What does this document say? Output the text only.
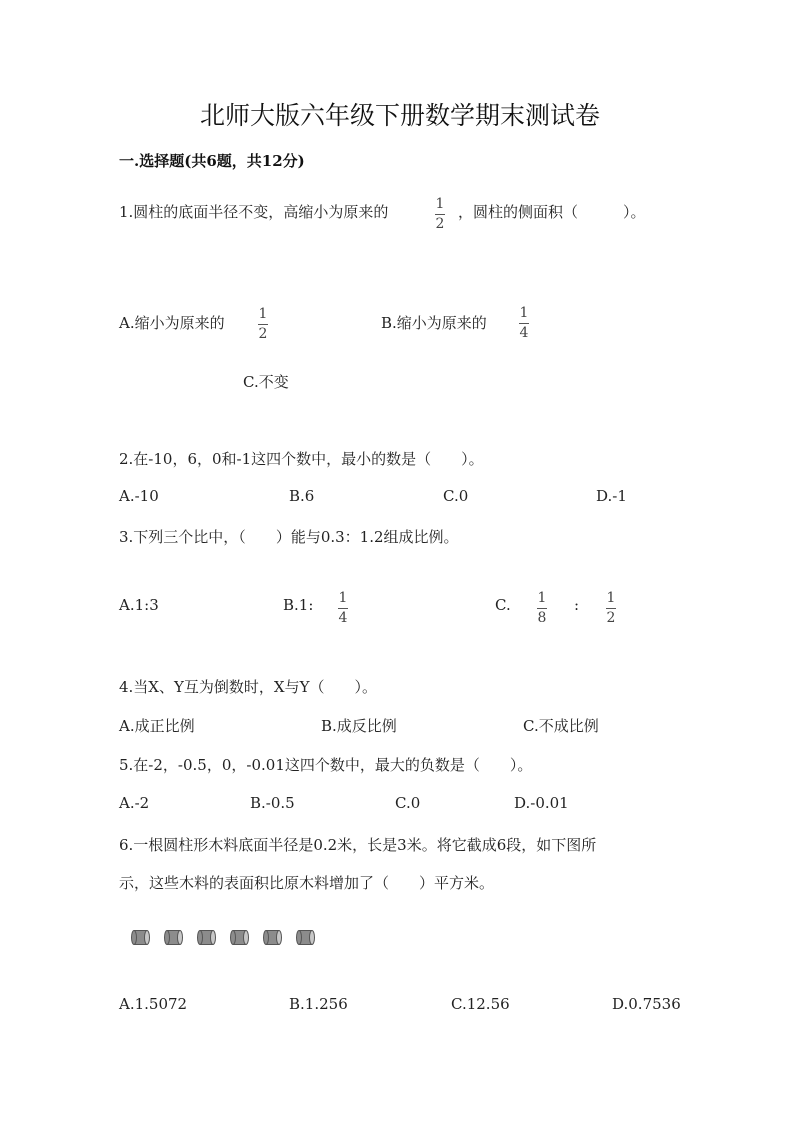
北师大版六年级下册数学期末测试卷
一.选择题(共6题，共12分)
1.圆柱的底面半径不变，高缩小为原来的	1
2
，圆柱的侧面积（　　　）。
A.缩小为原来的 1
2
B.缩小为原来的
1
4
C.不变
2.在-10，6，0和-1这四个数中，最小的数是（　　）。
A.-10	B.6	C.0	D.-1
3.下列三个比中，（　　）能与0.3：1.2组成比例。
A.1:3	B.1: 1
4
C. 1
8
: 1
2
4.当X、Y互为倒数时，X与Y（　　）。
A.成正比例	B.成反比例	C.不成比例
5.在-2，-0.5，0，-0.01这四个数中，最大的负数是（　　）。
A.-2	B.-0.5	C.0	D.-0.01
6.一根圆柱形木料底面半径是0.2米，长是3米。将它截成6段，如下图所
示，这些木料的表面积比原木料增加了（　　）平方米。
A.1.5072	B.1.256	C.12.56	D.0.7536
